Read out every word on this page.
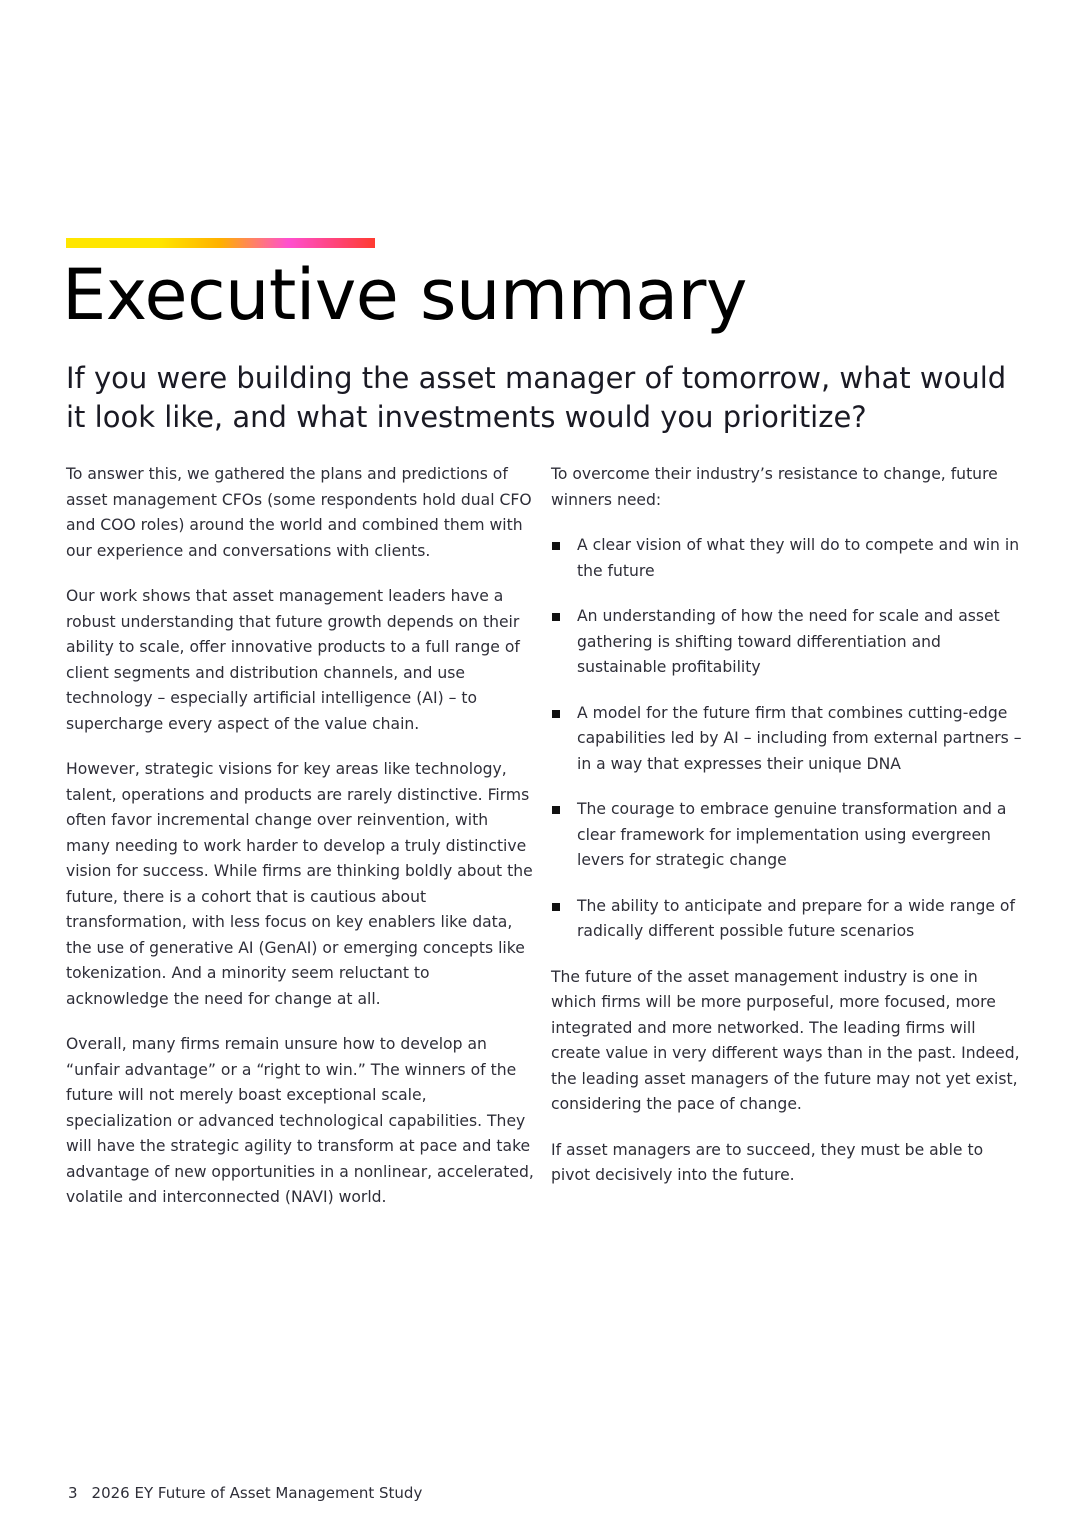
Executive summary
If you were building the asset manager of tomorrow, what would it look like, and what investments would you prioritize?

To answer this, we gathered the plans and predictions of asset management CFOs (some respondents hold dual CFO and COO roles) around the world and combined them with our experience and conversations with clients.

Our work shows that asset management leaders have a robust understanding that future growth depends on their ability to scale, offer innovative products to a full range of client segments and distribution channels, and use technology – especially artificial intelligence (AI) – to supercharge every aspect of the value chain.

However, strategic visions for key areas like technology, talent, operations and products are rarely distinctive. Firms often favor incremental change over reinvention, with many needing to work harder to develop a truly distinctive vision for success. While firms are thinking boldly about the future, there is a cohort that is cautious about transformation, with less focus on key enablers like data, the use of generative AI (GenAI) or emerging concepts like tokenization. And a minority seem reluctant to acknowledge the need for change at all.

Overall, many firms remain unsure how to develop an “unfair advantage” or a “right to win.” The winners of the future will not merely boast exceptional scale, specialization or advanced technological capabilities. They will have the strategic agility to transform at pace and take advantage of new opportunities in a nonlinear, accelerated, volatile and interconnected (NAVI) world.

To overcome their industry’s resistance to change, future winners need:

A clear vision of what they will do to compete and win in the future
An understanding of how the need for scale and asset gathering is shifting toward differentiation and sustainable profitability
A model for the future firm that combines cutting-edge capabilities led by AI – including from external partners – in a way that expresses their unique DNA
The courage to embrace genuine transformation and a clear framework for implementation using evergreen levers for strategic change
The ability to anticipate and prepare for a wide range of radically different possible future scenarios

The future of the asset management industry is one in which firms will be more purposeful, more focused, more integrated and more networked. The leading firms will create value in very different ways than in the past. Indeed, the leading asset managers of the future may not yet exist, considering the pace of change.

If asset managers are to succeed, they must be able to pivot decisively into the future.

3 2026 EY Future of Asset Management Study
